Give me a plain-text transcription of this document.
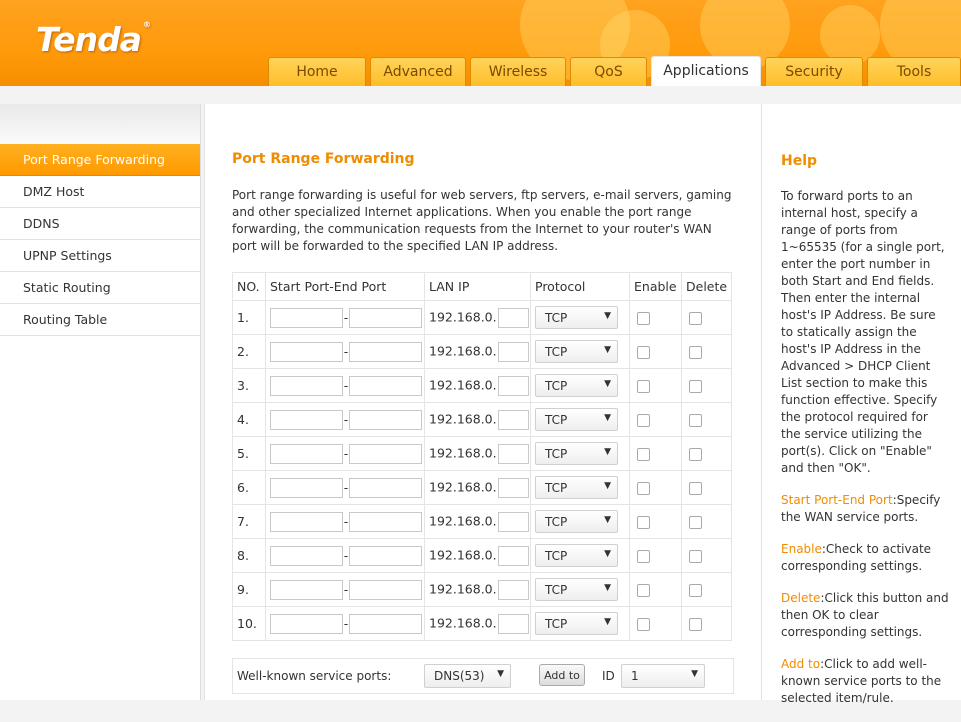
Tenda ®
Home	Advanced	Wireless	QoS	Applications	Security	Tools
Port Range Forwarding
DMZ Host
DDNS
UPNP Settings
Static Routing
Routing Table
Port Range Forwarding
Port range forwarding is useful for web servers, ftp servers, e-mail servers, gaming and other specialized Internet applications. When you enable the port range forwarding, the communication requests from the Internet to your router's WAN port will be forwarded to the specified LAN IP address.
NO.	Start Port-End Port	LAN IP	Protocol	Enable	Delete
1.	-	192.168.0.	TCP ▼		

2.	-	192.168.0.	TCP ▼		

3.	-	192.168.0.	TCP ▼		

4.	-	192.168.0.	TCP ▼		

5.	-	192.168.0.	TCP ▼		

6.	-	192.168.0.	TCP ▼		

7.	-	192.168.0.	TCP ▼		

8.	-	192.168.0.	TCP ▼		

9.	-	192.168.0.	TCP ▼		

10.	-	192.168.0.	TCP ▼		

Well-known service ports:	DNS(53) ▼	Add to	ID 1	▼
Help

To forward ports to an internal host, specify a range of ports from 1~65535 (for a single port, enter the port number in both Start and End fields. Then enter the internal host's IP Address. Be sure to statically assign the host's IP Address in the Advanced > DHCP Client List section to make this function effective. Specify the protocol required for the service utilizing the port(s). Click on "Enable" and then "OK".

Start Port-End Port:Specify the WAN service ports.

Enable:Check to activate corresponding settings.

Delete:Click this button and then OK to clear corresponding settings.

Add to:Click to add well-known service ports to the selected item/rule.
